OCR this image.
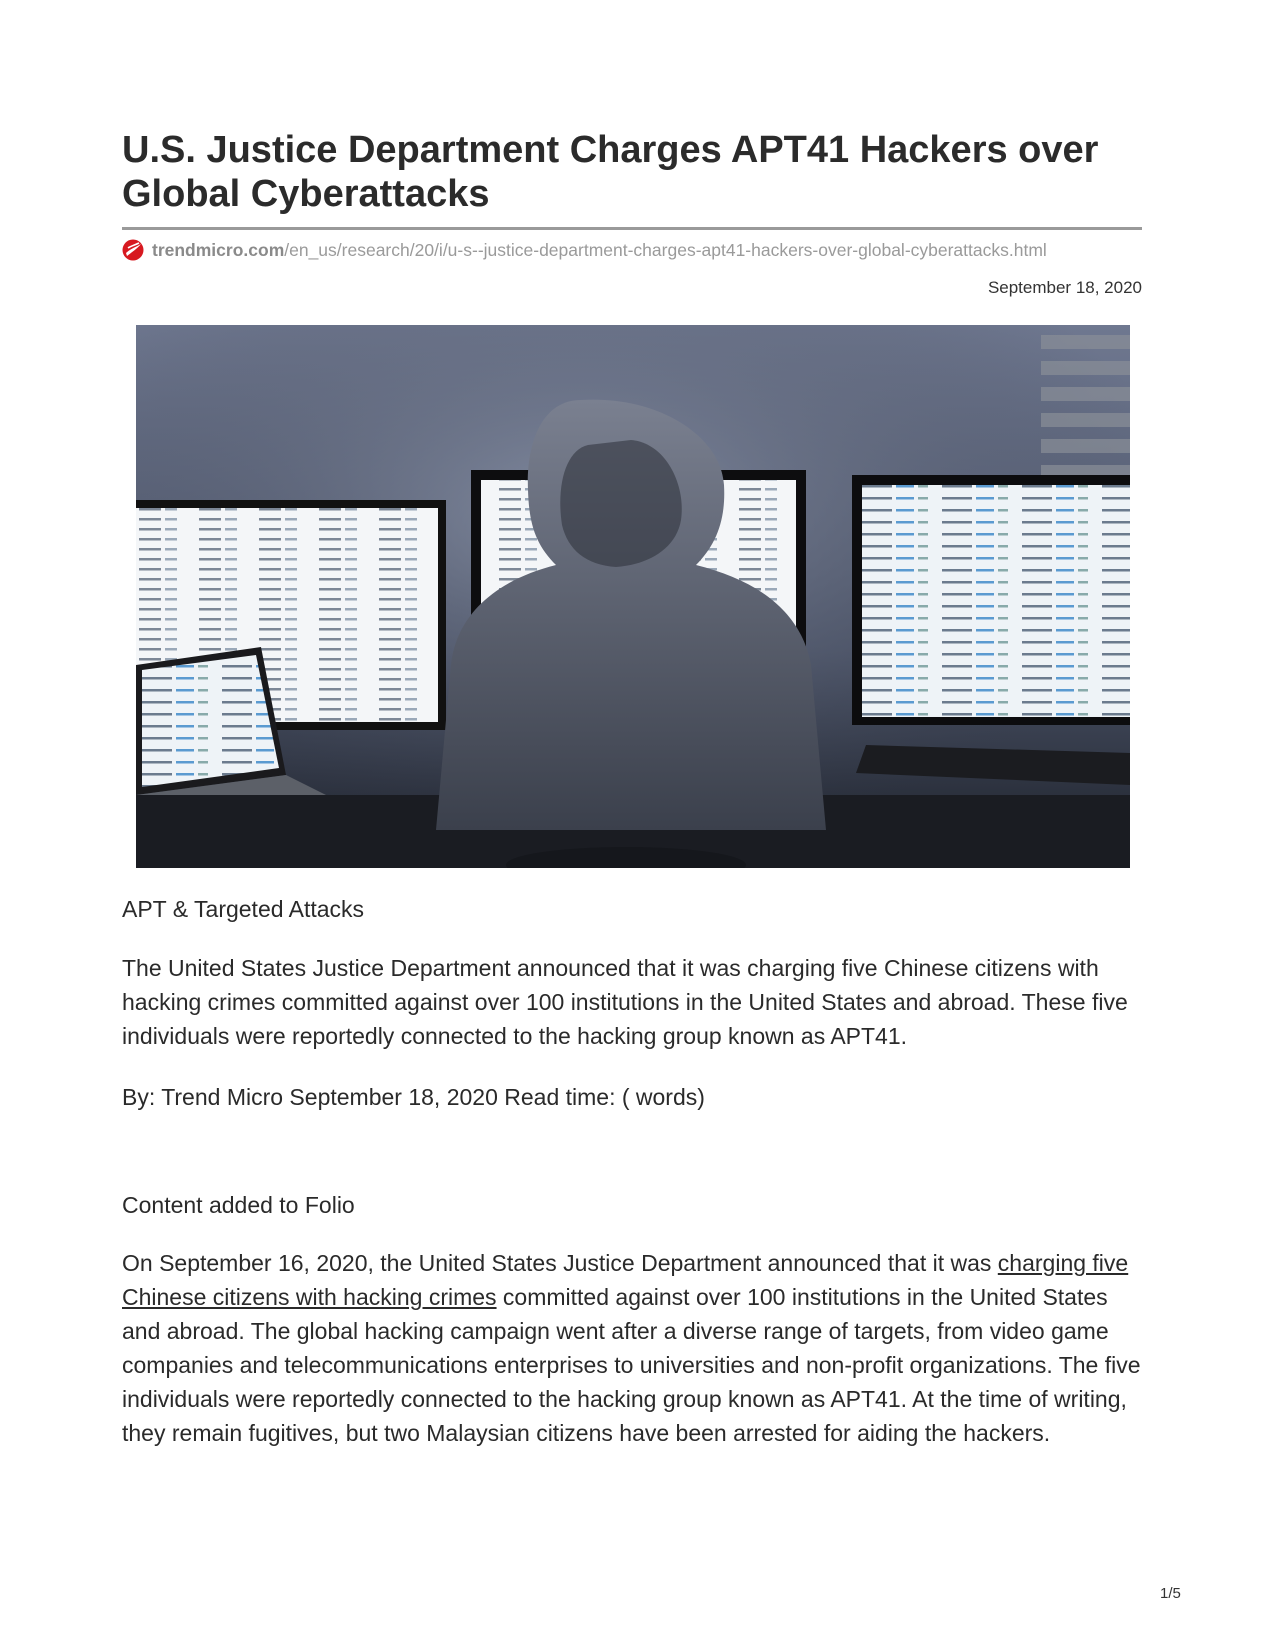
U.S. Justice Department Charges APT41 Hackers over Global Cyberattacks
trendmicro.com /en_us/research/20/i/u-s--justice-department-charges-apt41-hackers-over-global-cyberattacks.html
September 18, 2020

APT & Targeted Attacks

The United States Justice Department announced that it was charging five Chinese citizens with hacking crimes committed against over 100 institutions in the United States and abroad. These five individuals were reportedly connected to the hacking group known as APT41.

By: Trend Micro September 18, 2020 Read time: ( words)

Content added to Folio

On September 16, 2020, the United States Justice Department announced that it was charging five Chinese citizens with hacking crimes committed against over 100 institutions in the United States and abroad. The global hacking campaign went after a diverse range of targets, from video game companies and telecommunications enterprises to universities and non-profit organizations. The five individuals were reportedly connected to the hacking group known as APT41. At the time of writing, they remain fugitives, but two Malaysian citizens have been arrested for aiding the hackers.

1/5
